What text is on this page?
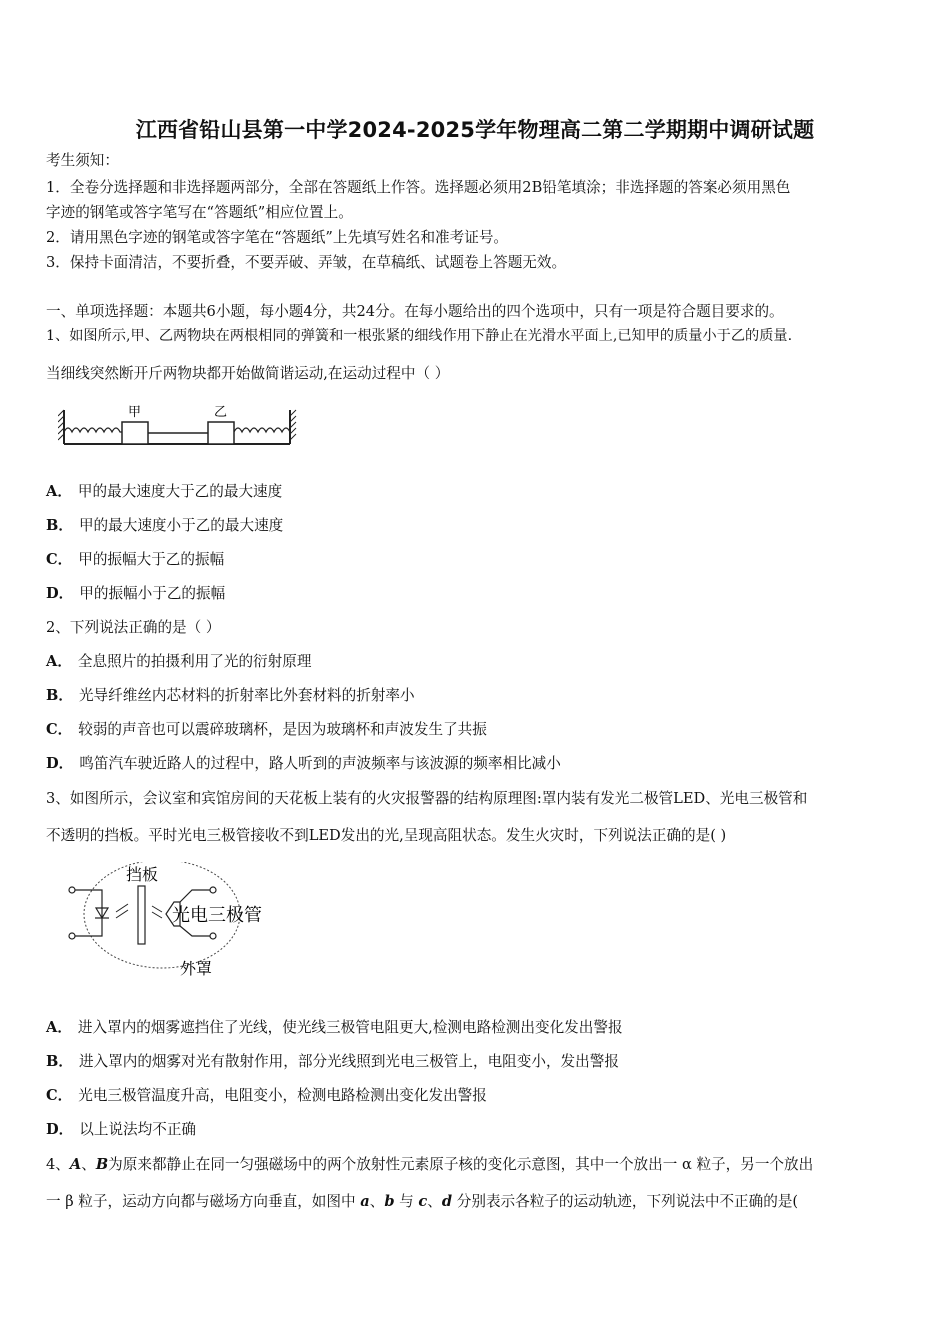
江西省铅山县第一中学2024-2025学年物理高二第二学期期中调研试题
考生须知：
1．全卷分选择题和非选择题两部分，全部在答题纸上作答。选择题必须用2B铅笔填涂；非选择题的答案必须用黑色
字迹的钢笔或答字笔写在“答题纸”相应位置上。
2．请用黑色字迹的钢笔或答字笔在“答题纸”上先填写姓名和准考证号。
3．保持卡面清洁，不要折叠，不要弄破、弄皱，在草稿纸、试题卷上答题无效。
一、单项选择题：本题共6小题，每小题4分，共24分。在每小题给出的四个选项中，只有一项是符合题目要求的。
1、如图所示,甲、乙两物块在两根相同的弹簧和一根张紧的细线作用下静止在光滑水平面上,已知甲的质量小于乙的质量.
当细线突然断开斤两物块都开始做简谐运动,在运动过程中（ ）
甲	乙
A． 甲的最大速度大于乙的最大速度
B． 甲的最大速度小于乙的最大速度
C． 甲的振幅大于乙的振幅
D． 甲的振幅小于乙的振幅
2、下列说法正确的是（ ）
A． 全息照片的拍摄利用了光的衍射原理
B． 光导纤维丝内芯材料的折射率比外套材料的折射率小
C． 较弱的声音也可以震碎玻璃杯，是因为玻璃杯和声波发生了共振
D． 鸣笛汽车驶近路人的过程中，路人听到的声波频率与该波源的频率相比减小
3、如图所示，会议室和宾馆房间的天花板上装有的火灾报警器的结构原理图:罩内装有发光二极管LED、光电三极管和
不透明的挡板。平时光电三极管接收不到LED发出的光,呈现高阻状态。发生火灾时，下列说法正确的是( )
挡板
光电三极管
外罩
A． 进入罩内的烟雾遮挡住了光线，使光线三极管电阻更大,检测电路检测出变化发出警报
B． 进入罩内的烟雾对光有散射作用，部分光线照到光电三极管上，电阻变小，发出警报
C． 光电三极管温度升高，电阻变小，检测电路检测出变化发出警报
D． 以上说法均不正确
4、A、B为原来都静止在同一匀强磁场中的两个放射性元素原子核的变化示意图，其中一个放出一 α 粒子，另一个放出
一 β 粒子，运动方向都与磁场方向垂直，如图中 a、b 与 c、d 分别表示各粒子的运动轨迹，下列说法中不正确的是(
